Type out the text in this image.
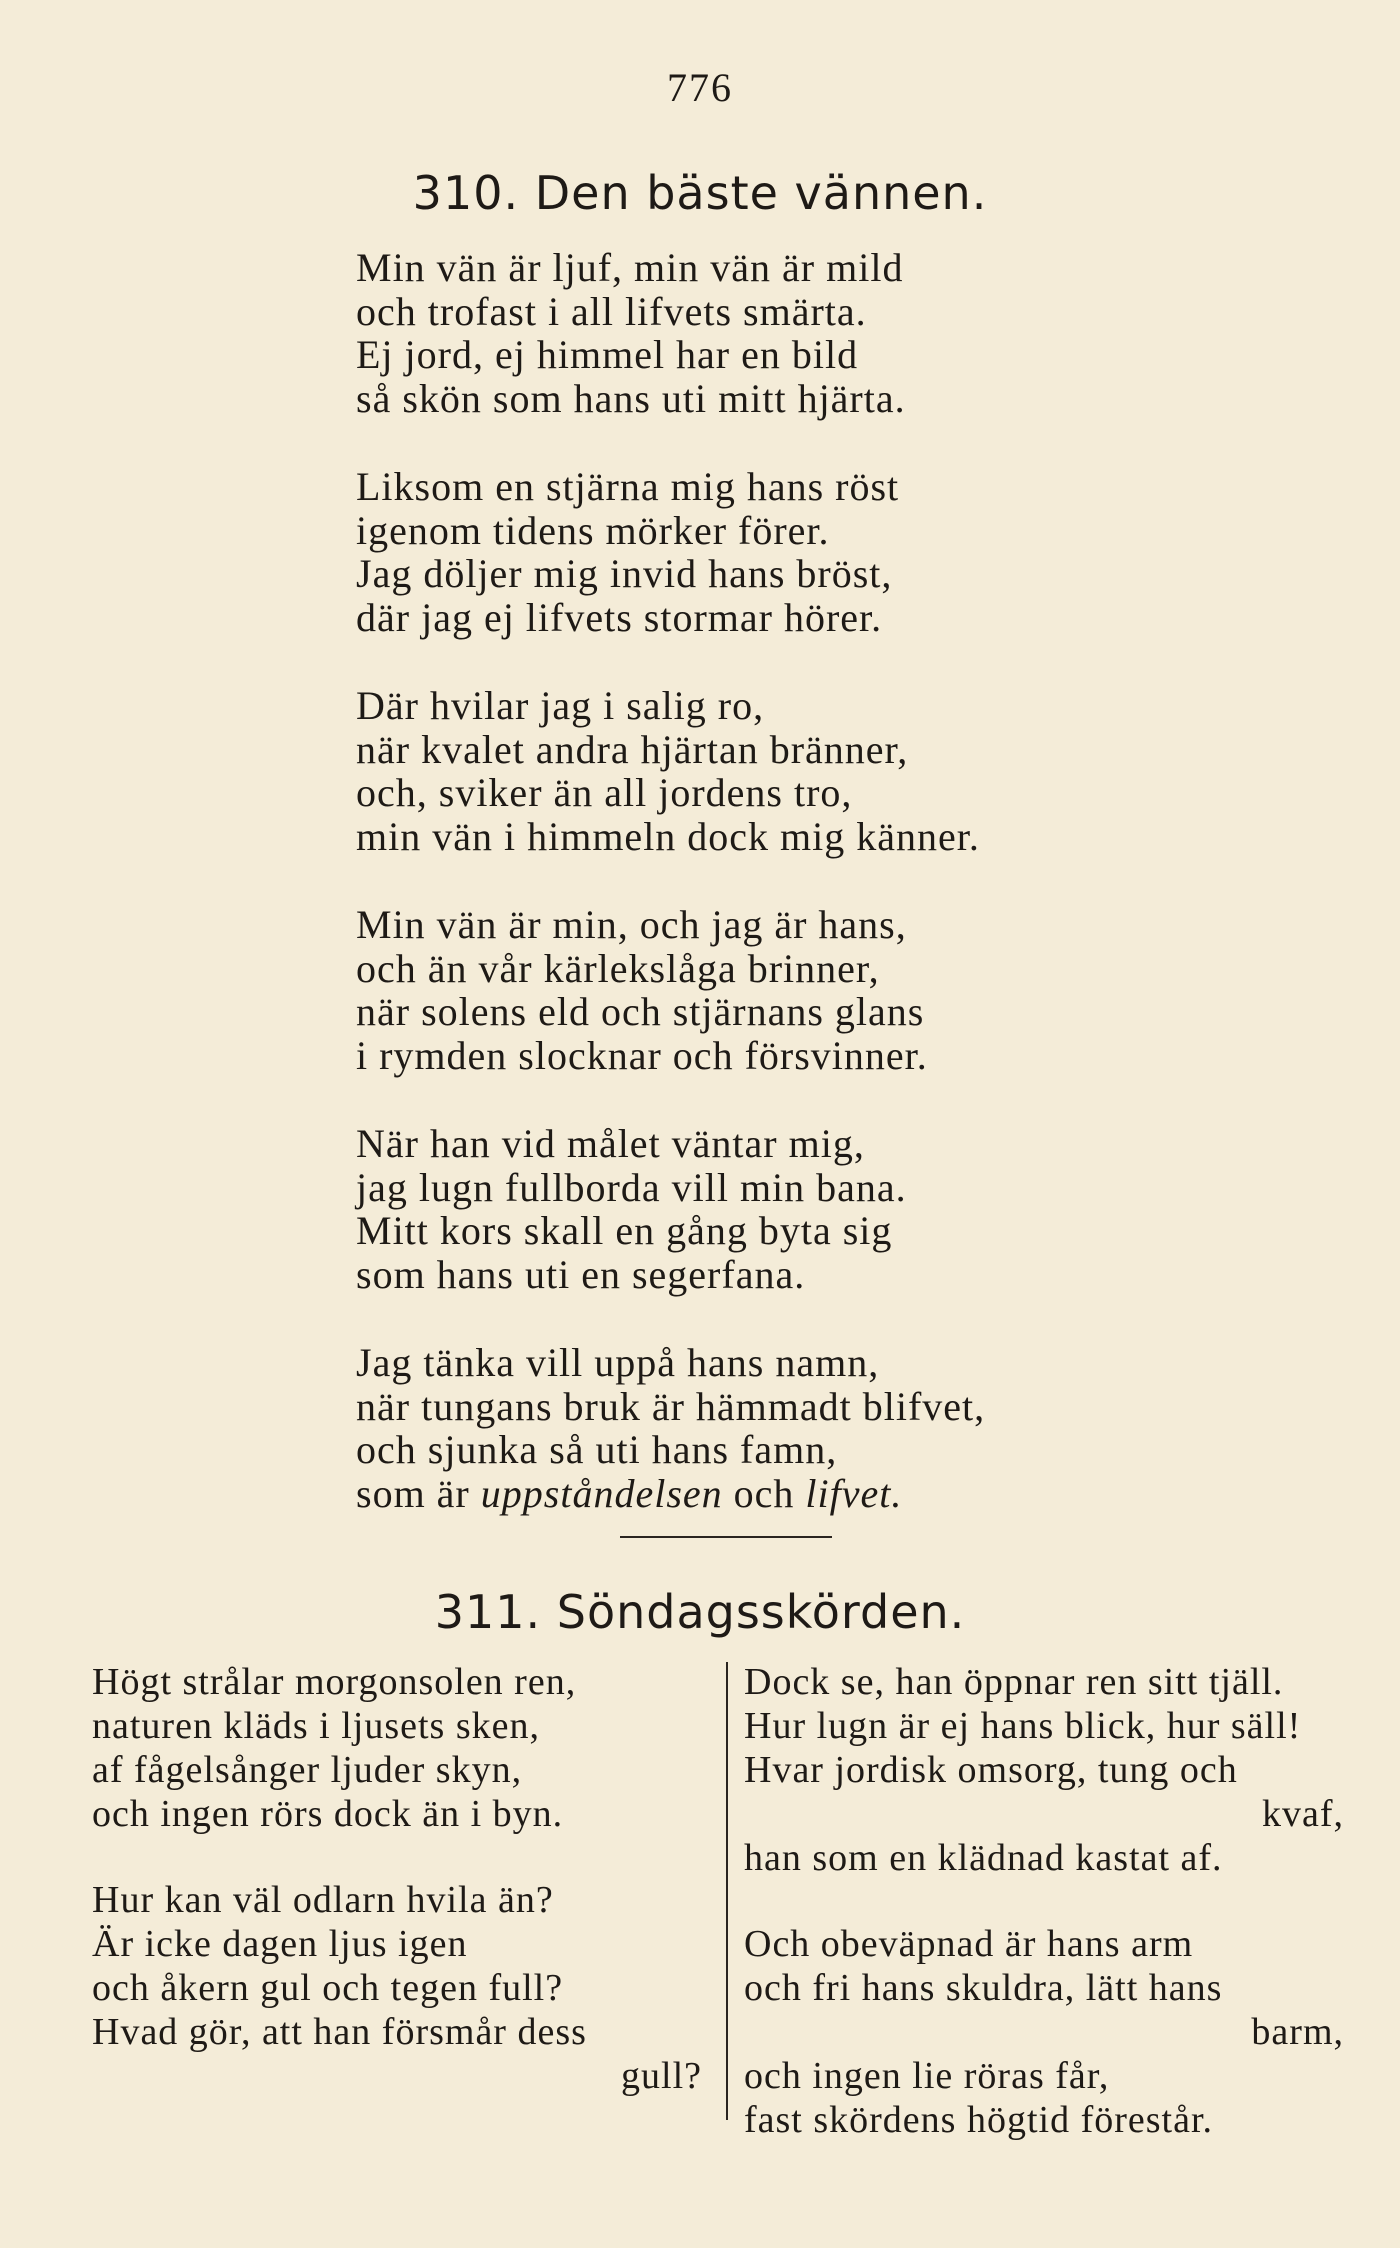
776
310. Den bäste vännen.
Min vän är ljuf, min vän är mild
och trofast i all lifvets smärta.
Ej jord, ej himmel har en bild
så skön som hans uti mitt hjärta.
Liksom en stjärna mig hans röst
igenom tidens mörker förer.
Jag döljer mig invid hans bröst,
där jag ej lifvets stormar hörer.
Där hvilar jag i salig ro,
när kvalet andra hjärtan bränner,
och, sviker än all jordens tro,
min vän i himmeln dock mig känner.
Min vän är min, och jag är hans,
och än vår kärlekslåga brinner,
när solens eld och stjärnans glans
i rymden slocknar och försvinner.
När han vid målet väntar mig,
jag lugn fullborda vill min bana.
Mitt kors skall en gång byta sig
som hans uti en segerfana.
Jag tänka vill uppå hans namn,
när tungans bruk är hämmadt blifvet,
och sjunka så uti hans famn,
som är uppståndelsen och lifvet.
311. Söndagsskörden.
Högt strålar morgonsolen ren,
naturen kläds i ljusets sken,
af fågelsånger ljuder skyn,
och ingen rörs dock än i byn.
Hur kan väl odlarn hvila än?
Är icke dagen ljus igen
och åkern gul och tegen full?
Hvad gör, att han försmår dess
gull?
Dock se, han öppnar ren sitt tjäll.
Hur lugn är ej hans blick, hur säll!
Hvar jordisk omsorg, tung och
kvaf,
han som en klädnad kastat af.
Och obeväpnad är hans arm
och fri hans skuldra, lätt hans
barm,
och ingen lie röras får,
fast skördens högtid förestår.
